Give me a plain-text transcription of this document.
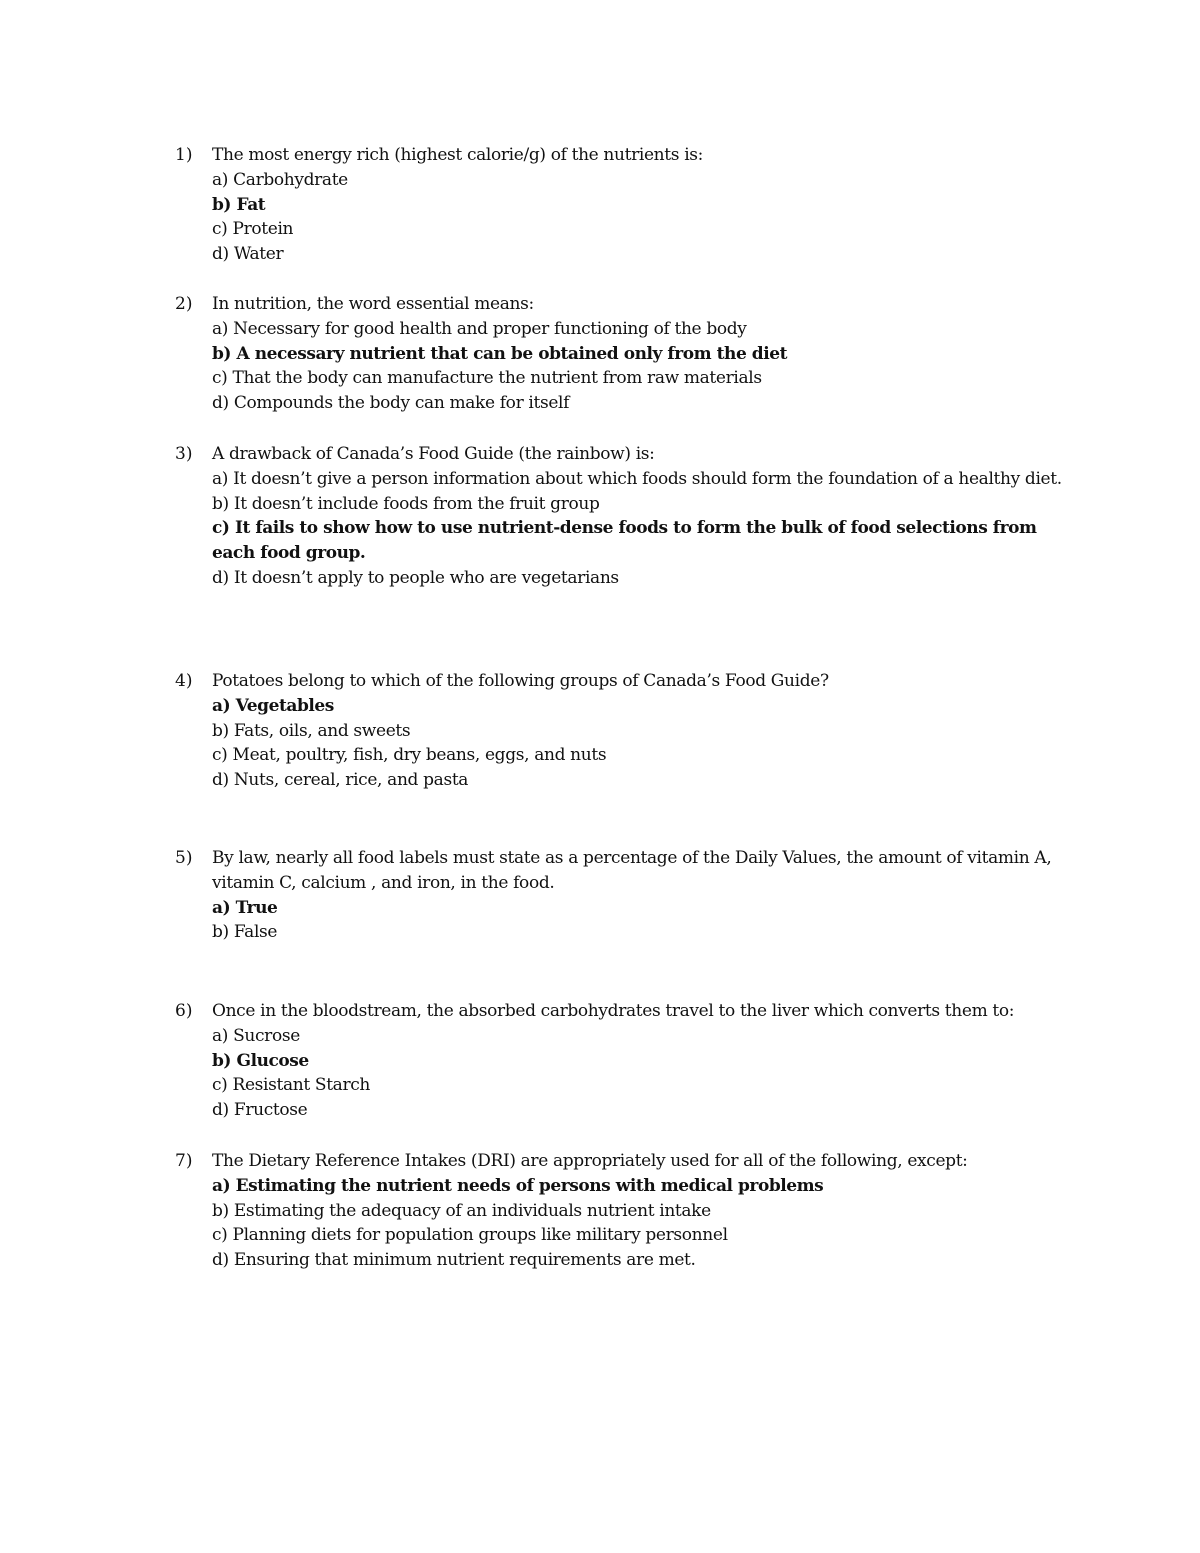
1)	The most energy rich (highest calorie/g) of the nutrients is:

a) Carbohydrate

b) Fat

c) Protein

d) Water

2)	In nutrition, the word essential means:

a) Necessary for good health and proper functioning of the body

b) A necessary nutrient that can be obtained only from the diet

c) That the body can manufacture the nutrient from raw materials

d) Compounds the body can make for itself

3)	A drawback of Canada’s Food Guide (the rainbow) is:

a) It doesn’t give a person information about which foods should form the foundation of a healthy diet.

b) It doesn’t include foods from the fruit group

c) It fails to show how to use nutrient-dense foods to form the bulk of food selections from each food group.

d) It doesn’t apply to people who are vegetarians

4)	Potatoes belong to which of the following groups of Canada’s Food Guide?

a) Vegetables

b) Fats, oils, and sweets

c) Meat, poultry, fish, dry beans, eggs, and nuts

d) Nuts, cereal, rice, and pasta

5)	By law, nearly all food labels must state as a percentage of the Daily Values, the amount of vitamin A, vitamin C, calcium , and iron, in the food.

a) True

b) False

6)	Once in the bloodstream, the absorbed carbohydrates travel to the liver which converts them to:

a) Sucrose

b) Glucose

c) Resistant Starch

d) Fructose

7)	The Dietary Reference Intakes (DRI) are appropriately used for all of the following, except:

a) Estimating the nutrient needs of persons with medical problems

b) Estimating the adequacy of an individuals nutrient intake

c) Planning diets for population groups like military personnel

d) Ensuring that minimum nutrient requirements are met.
